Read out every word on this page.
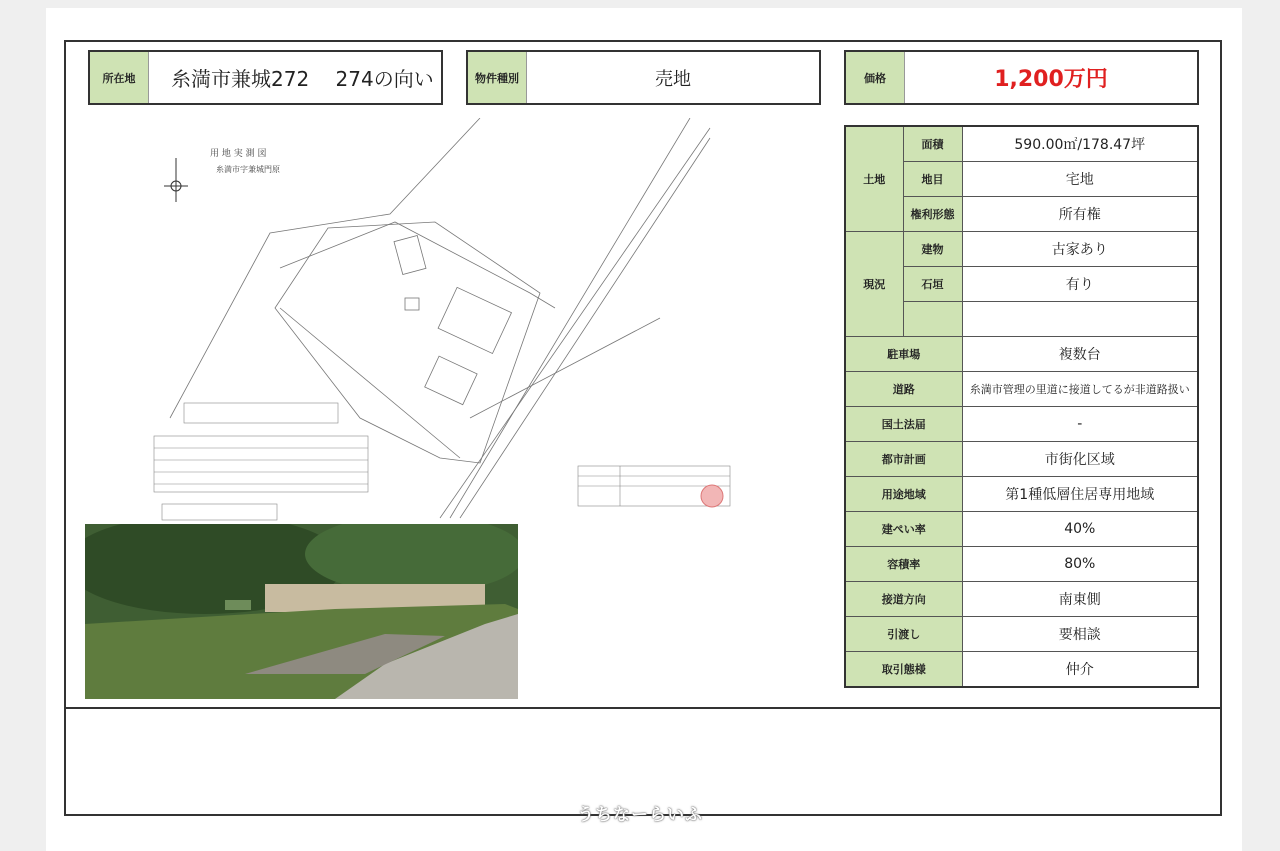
所在地	糸満市兼城272　 274の向い	物件種別	売地	価格	1,200万円
土地	面積	590.00㎡/178.47坪
	地目	宅地
	権利形態	所有権
現況	建物	古家あり
	石垣	有り

駐車場		複数台
道路		糸満市管理の里道に接道してるが非道路扱い
国土法届		-
都市計画		市街化区域
用途地域		第1種低層住居専用地域
建ぺい率		40%
容積率		80%
接道方向		南東側
引渡し		要相談
取引態様		仲介
用 地 実 測 図
糸満市字兼城門原
うちなーらいふ
